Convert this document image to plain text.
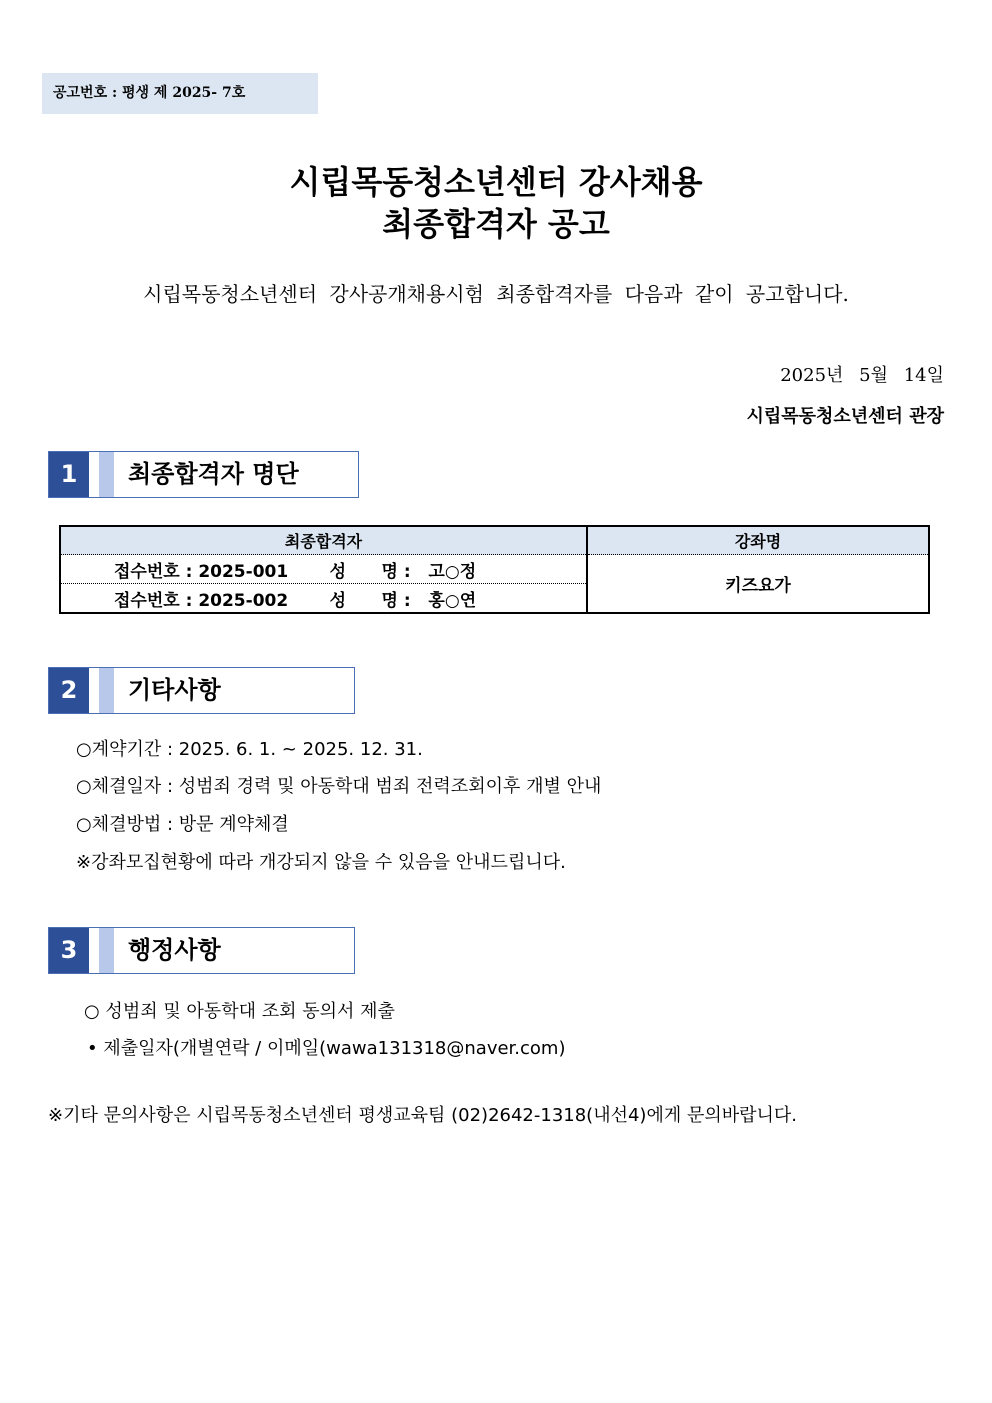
공고번호 : 평생 제 2025- 7호
시립목동청소년센터 강사채용
최종합격자 공고
시립목동청소년센터 강사공개채용시험 최종합격자를 다음과 같이 공고합니다.
2025년 5월 14일
시립목동청소년센터 관장
1	최종합격자 명단
최종합격자	강좌명
접수번호 : 2025-001       성      명 :   고○정	키즈요가
접수번호 : 2025-002       성      명 :   홍○연	
2	기타사항
○계약기간 : 2025. 6. 1. ~ 2025. 12. 31.
○체결일자 : 성범죄 경력 및 아동학대 범죄 전력조회이후 개별 안내
○체결방법 : 방문 계약체결
※강좌모집현황에 따라 개강되지 않을 수 있음을 안내드립니다.
3	행정사항
○ 성범죄 및 아동학대 조회 동의서 제출
• 제출일자(개별연락 / 이메일(wawa131318@naver.com)
※기타 문의사항은 시립목동청소년센터 평생교육팀 (02)2642-1318(내선4)에게 문의바랍니다.
